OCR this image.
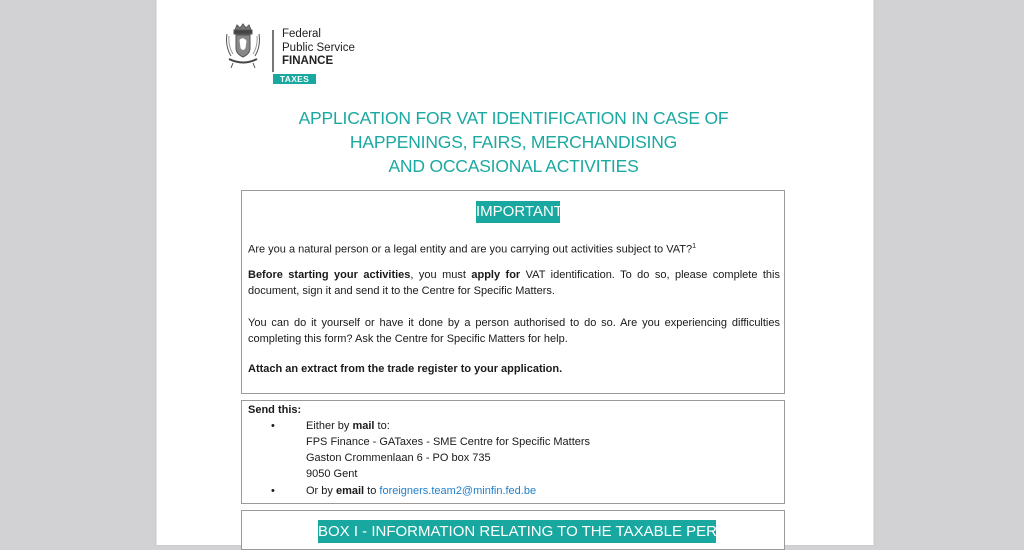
Federal
Public Service
FINANCE
TAXES
APPLICATION FOR VAT IDENTIFICATION IN CASE OF
HAPPENINGS, FAIRS, MERCHANDISING
AND OCCASIONAL ACTIVITIES
IMPORTANT
Are you a natural person or a legal entity and are you carrying out activities subject to VAT?$^1$
Before starting your activities, you must apply for VAT identification. To do so, please complete this document, sign it and send it to the Centre for Specific Matters.
You can do it yourself or have it done by a person authorised to do so. Are you experiencing difficulties completing this form? Ask the Centre for Specific Matters for help.
Attach an extract from the trade register to your application.
Send this:
•	Either by mail to:
FPS Finance - GATaxes - SME Centre for Specific Matters
Gaston Crommenlaan 6 - PO box 735
9050 Gent
•	Or by email to foreigners.team2@minfin.fed.be
BOX I - INFORMATION RELATING TO THE TAXABLE PERSON
